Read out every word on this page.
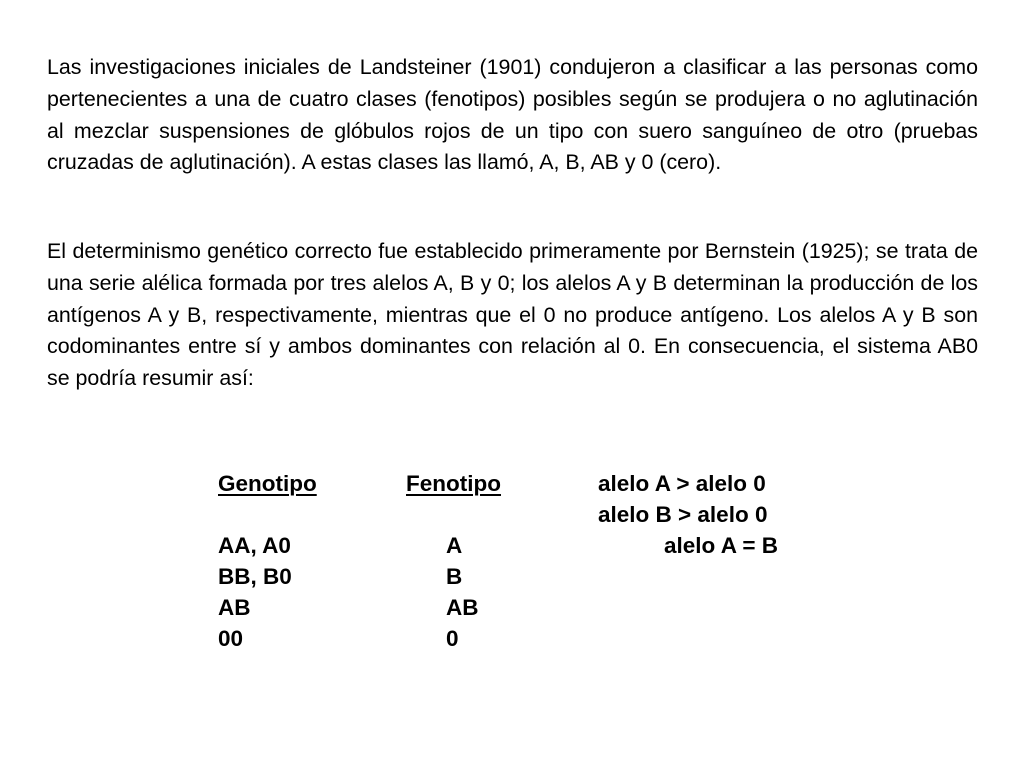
Las investigaciones iniciales de Landsteiner (1901) condujeron a clasificar a las personas como pertenecientes a una de cuatro clases (fenotipos) posibles según se produjera o no aglutinación al mezclar suspensiones de glóbulos rojos de un tipo con suero sanguíneo de otro (pruebas cruzadas de aglutinación). A estas clases las llamó, A, B, AB y 0 (cero).

El determinismo genético correcto fue establecido primeramente por Bernstein (1925); se trata de una serie alélica formada por tres alelos A, B y 0; los alelos A y B determinan la producción de los antígenos A y B, respectivamente, mientras que el 0 no produce antígeno. Los alelos A y B son codominantes entre sí y ambos dominantes con relación al 0. En consecuencia, el sistema AB0 se podría resumir así:

Genotipo
AA, A0
BB, B0
AB
00
Fenotipo
A
B
AB
0
alelo A > alelo 0
alelo B > alelo 0
alelo A = B
